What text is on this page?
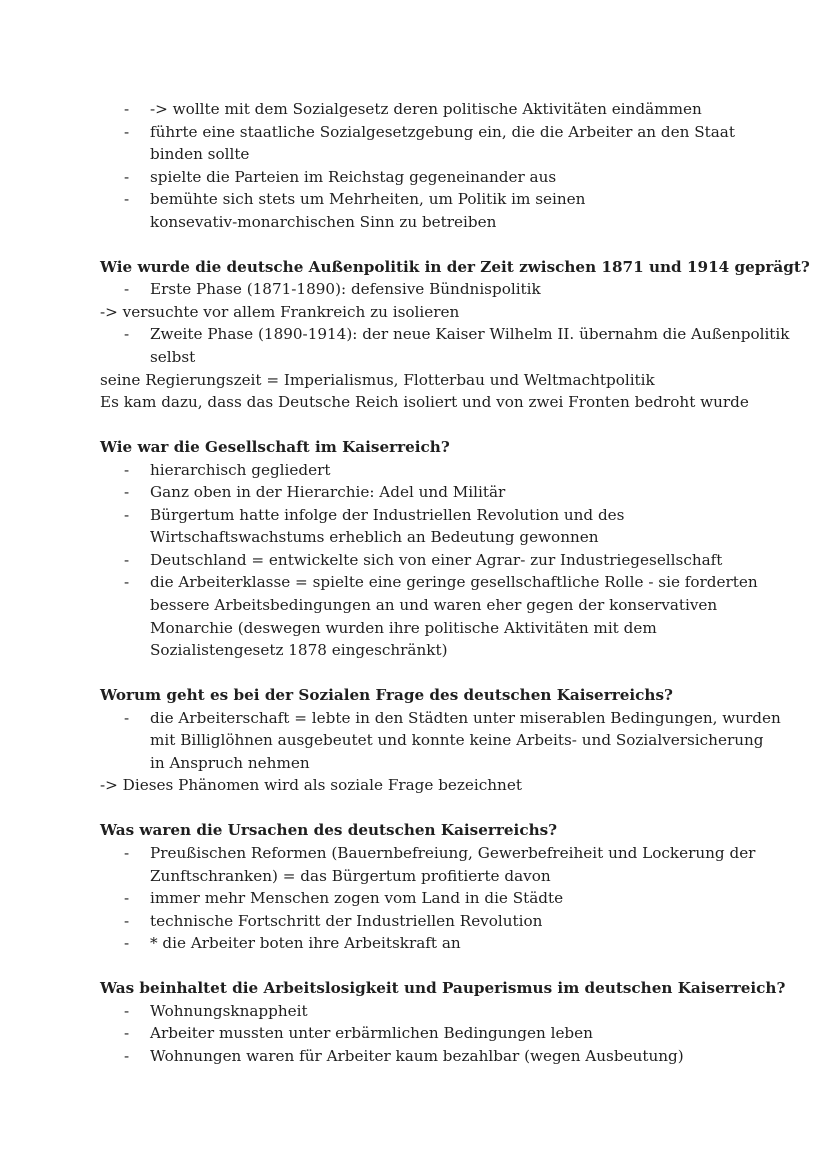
- -> wollte mit dem Sozialgesetz deren politische Aktivitäten eindämmen
- führte eine staatliche Sozialgesetzgebung ein, die die Arbeiter an den Staat
binden sollte
- spielte die Parteien im Reichstag gegeneinander aus
- bemühte sich stets um Mehrheiten, um Politik im seinen
konsevativ-monarchischen Sinn zu betreiben
Wie wurde die deutsche Außenpolitik in der Zeit zwischen 1871 und 1914 geprägt?
- Erste Phase (1871-1890): defensive Bündnispolitik
-> versuchte vor allem Frankreich zu isolieren
- Zweite Phase (1890-1914): der neue Kaiser Wilhelm II. übernahm die Außenpolitik
selbst
seine Regierungszeit = Imperialismus, Flotterbau und Weltmachtpolitik
Es kam dazu, dass das Deutsche Reich isoliert und von zwei Fronten bedroht wurde
Wie war die Gesellschaft im Kaiserreich?
- hierarchisch gegliedert
- Ganz oben in der Hierarchie: Adel und Militär
- Bürgertum hatte infolge der Industriellen Revolution und des
Wirtschaftswachstums erheblich an Bedeutung gewonnen
- Deutschland = entwickelte sich von einer Agrar- zur Industriegesellschaft
- die Arbeiterklasse = spielte eine geringe gesellschaftliche Rolle - sie forderten
bessere Arbeitsbedingungen an und waren eher gegen der konservativen
Monarchie (deswegen wurden ihre politische Aktivitäten mit dem
Sozialistengesetz 1878 eingeschränkt)
Worum geht es bei der Sozialen Frage des deutschen Kaiserreichs?
- die Arbeiterschaft = lebte in den Städten unter miserablen Bedingungen, wurden
mit Billiglöhnen ausgebeutet und konnte keine Arbeits- und Sozialversicherung
in Anspruch nehmen
-> Dieses Phänomen wird als soziale Frage bezeichnet
Was waren die Ursachen des deutschen Kaiserreichs?
- Preußischen Reformen (Bauernbefreiung, Gewerbefreiheit und Lockerung der
Zunftschranken) = das Bürgertum profitierte davon
- immer mehr Menschen zogen vom Land in die Städte
- technische Fortschritt der Industriellen Revolution
- * die Arbeiter boten ihre Arbeitskraft an
Was beinhaltet die Arbeitslosigkeit und Pauperismus im deutschen Kaiserreich?
- Wohnungsknappheit
- Arbeiter mussten unter erbärmlichen Bedingungen leben
- Wohnungen waren für Arbeiter kaum bezahlbar (wegen Ausbeutung)
